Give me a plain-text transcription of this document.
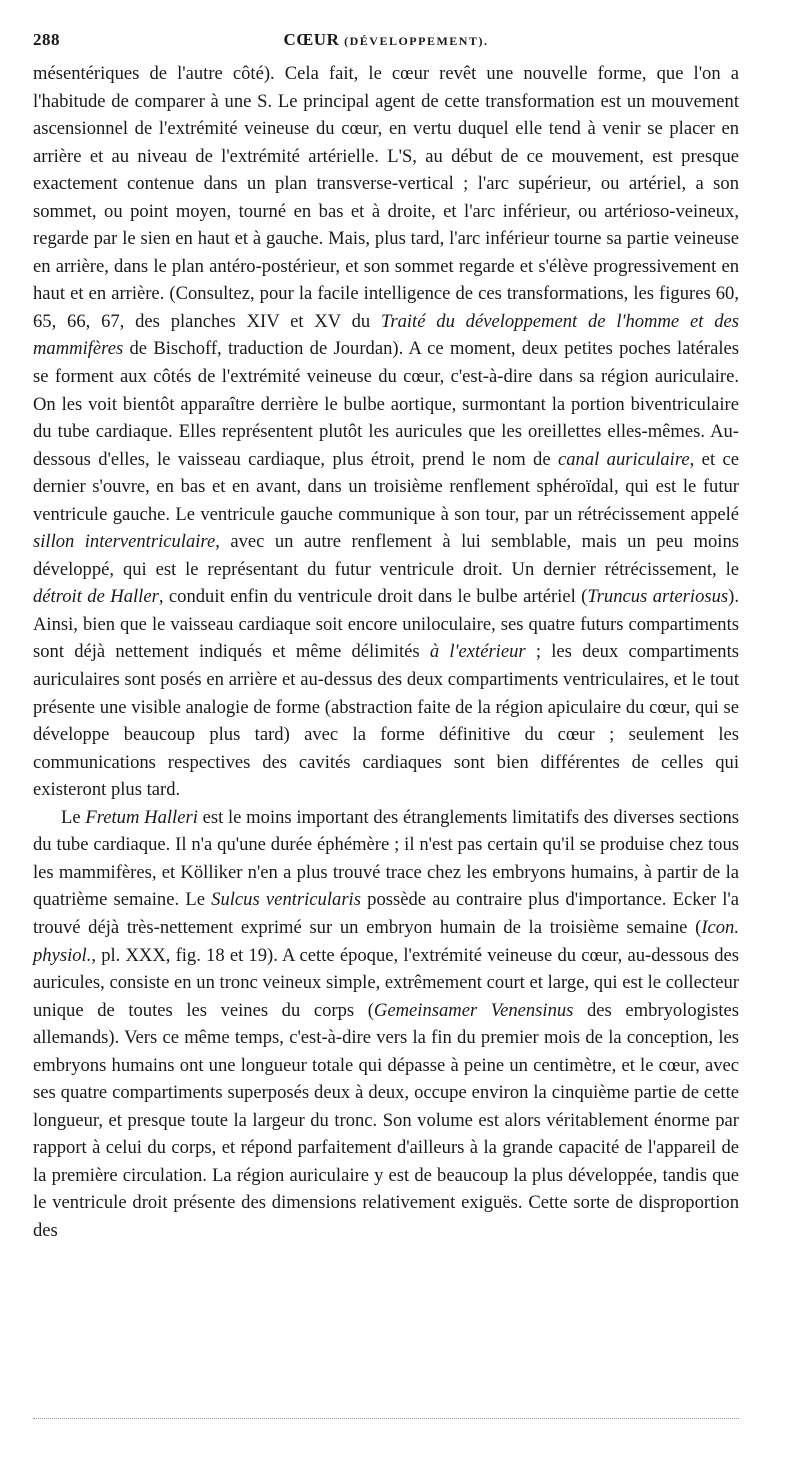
288	CŒUR (DÉVELOPPEMENT).

mésentériques de l'autre côté). Cela fait, le cœur revêt une nouvelle forme, que l'on a l'habitude de comparer à une S. Le principal agent de cette transformation est un mouvement ascensionnel de l'extrémité veineuse du cœur, en vertu duquel elle tend à venir se placer en arrière et au niveau de l'extrémité artérielle. L'S, au début de ce mouvement, est presque exactement contenue dans un plan transverse-vertical ; l'arc supérieur, ou artériel, a son sommet, ou point moyen, tourné en bas et à droite, et l'arc inférieur, ou artérioso-veineux, regarde par le sien en haut et à gauche. Mais, plus tard, l'arc inférieur tourne sa partie veineuse en arrière, dans le plan antéro-postérieur, et son sommet regarde et s'élève progressivement en haut et en arrière. (Consultez, pour la facile intelligence de ces transformations, les figures 60, 65, 66, 67, des planches XIV et XV du Traité du développement de l'homme et des mammifères de Bischoff, traduction de Jourdan). A ce moment, deux petites poches latérales se forment aux côtés de l'extrémité veineuse du cœur, c'est-à-dire dans sa région auriculaire. On les voit bientôt apparaître derrière le bulbe aortique, surmontant la portion biventriculaire du tube cardiaque. Elles représentent plutôt les auricules que les oreillettes elles-mêmes. Au-dessous d'elles, le vaisseau cardiaque, plus étroit, prend le nom de canal auriculaire, et ce dernier s'ouvre, en bas et en avant, dans un troisième renflement sphéroïdal, qui est le futur ventricule gauche. Le ventricule gauche communique à son tour, par un rétrécissement appelé sillon interventriculaire, avec un autre renflement à lui semblable, mais un peu moins développé, qui est le représentant du futur ventricule droit. Un dernier rétrécissement, le détroit de Haller, conduit enfin du ventricule droit dans le bulbe artériel (Truncus arteriosus). Ainsi, bien que le vaisseau cardiaque soit encore uniloculaire, ses quatre futurs compartiments sont déjà nettement indiqués et même délimités à l'extérieur ; les deux compartiments auriculaires sont posés en arrière et au-dessus des deux compartiments ventriculaires, et le tout présente une visible analogie de forme (abstraction faite de la région apiculaire du cœur, qui se développe beaucoup plus tard) avec la forme définitive du cœur ; seulement les communications respectives des cavités cardiaques sont bien différentes de celles qui existeront plus tard.

Le Fretum Halleri est le moins important des étranglements limitatifs des diverses sections du tube cardiaque. Il n'a qu'une durée éphémère ; il n'est pas certain qu'il se produise chez tous les mammifères, et Kölliker n'en a plus trouvé trace chez les embryons humains, à partir de la quatrième semaine. Le Sulcus ventricularis possède au contraire plus d'importance. Ecker l'a trouvé déjà très-nettement exprimé sur un embryon humain de la troisième semaine (Icon. physiol., pl. XXX, fig. 18 et 19). A cette époque, l'extrémité veineuse du cœur, au-dessous des auricules, consiste en un tronc veineux simple, extrêmement court et large, qui est le collecteur unique de toutes les veines du corps (Gemeinsamer Venensinus des embryologistes allemands). Vers ce même temps, c'est-à-dire vers la fin du premier mois de la conception, les embryons humains ont une longueur totale qui dépasse à peine un centimètre, et le cœur, avec ses quatre compartiments superposés deux à deux, occupe environ la cinquième partie de cette longueur, et presque toute la largeur du tronc. Son volume est alors véritablement énorme par rapport à celui du corps, et répond parfaitement d'ailleurs à la grande capacité de l'appareil de la première circulation. La région auriculaire y est de beaucoup la plus développée, tandis que le ventricule droit présente des dimensions relativement exiguës. Cette sorte de disproportion des
